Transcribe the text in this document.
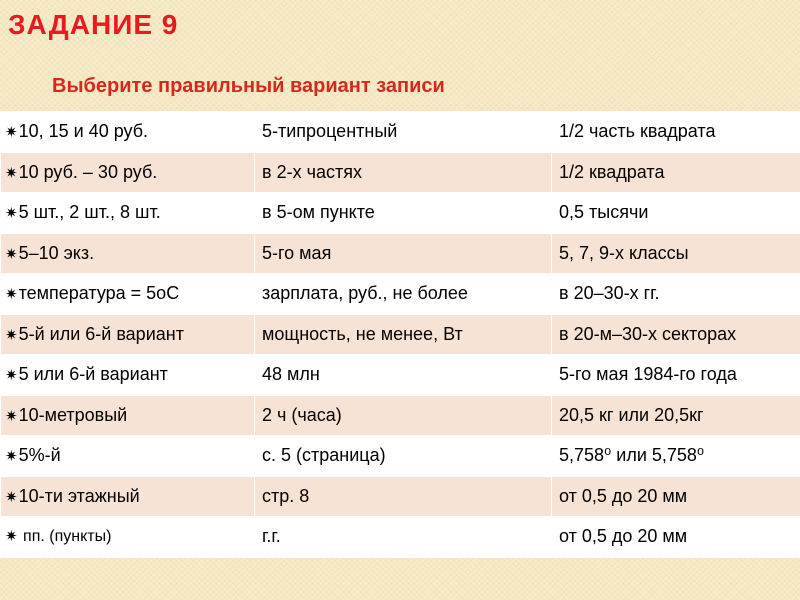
ЗАДАНИЕ 9
Выберите правильный вариант записи
✷10, 15 и 40 руб.	5-типроцентный	1/2 часть квадрата
✷10 руб. – 30 руб.	в 2-х частях	1/2 квадрата
✷5 шт., 2 шт., 8 шт.	в 5-ом пункте	0,5 тысячи
✷5–10 экз.	5-го мая	5, 7, 9-х классы
✷температура = 5оС	зарплата, руб., не более	в 20–30-х гг.
✷5-й или 6-й вариант	мощность, не менее, Вт	в 20-м–30-х секторах
✷5 или 6-й вариант	48 млн	5-го мая 1984-го года
✷10-метровый	2 ч (часа)	20,5 кг или 20,5кг
✷5%-й	с. 5 (страница)	5,758⁰ или 5,758⁰
✷10-ти этажный	стр. 8	от 0,5 до 20 мм
✷ пп. (пункты)	г.г.	от 0,5 до 20 мм
